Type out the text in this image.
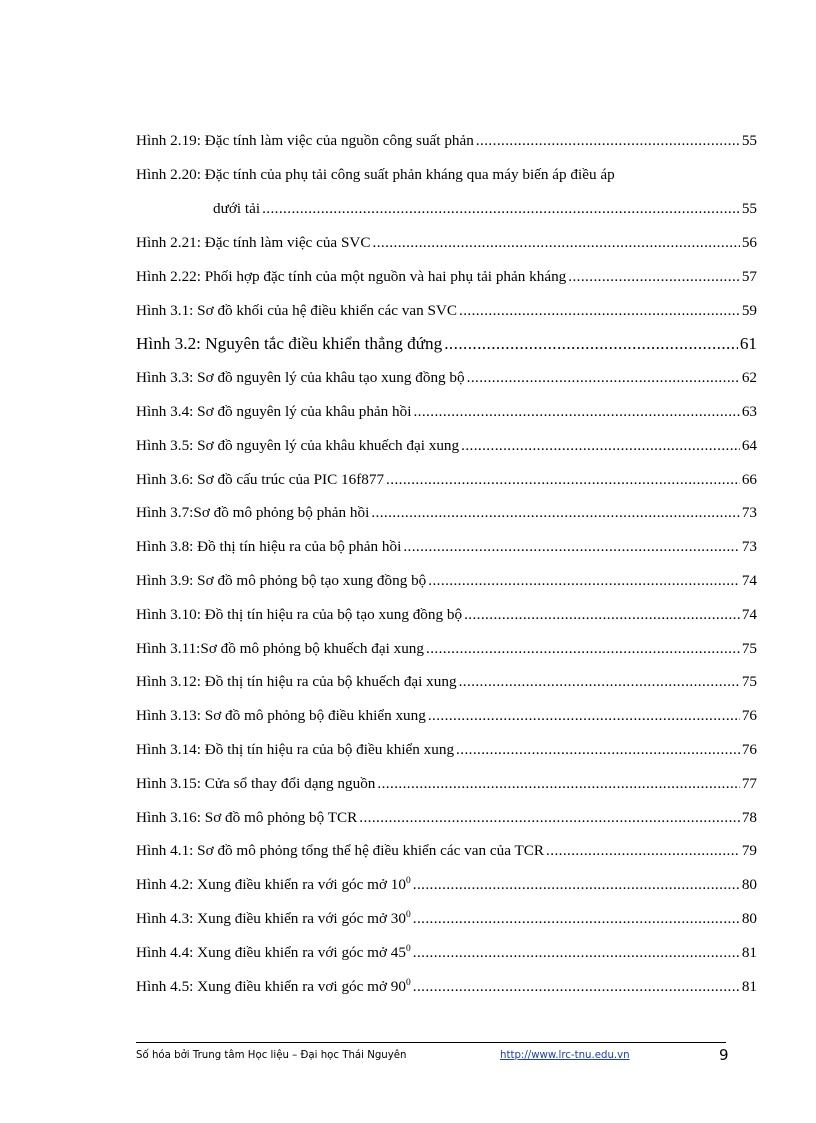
Hình 2.19: Đặc tính làm việc của nguồn công suất phản .....	55
Hình 2.20: Đặc tính của phụ tải công suất phản kháng qua máy biến áp điều áp
dưới tải .....	55
Hình 2.21: Đặc tính làm việc của SVC .....	56
Hình 2.22: Phối hợp đặc tính của một nguồn và hai phụ tải phản kháng .....	57
Hình 3.1: Sơ đồ khối của hệ điều khiển các van SVC .....	59
Hình 3.2: Nguyên tắc điều khiển thẳng đứng .....	61
Hình 3.3: Sơ đồ nguyên lý của khâu tạo xung đồng bộ .....	62
Hình 3.4: Sơ đồ nguyên lý của khâu phản hồi .....	63
Hình 3.5: Sơ đồ nguyên lý của khâu khuếch đại xung .....	64
Hình 3.6: Sơ đồ cấu trúc của PIC 16f877 .....	66
Hình 3.7:Sơ đồ mô phỏng bộ phản hồi .....	73
Hình 3.8: Đồ thị tín hiệu ra của bộ phản hồi .....	73
Hình 3.9: Sơ đồ mô phỏng bộ tạo xung đồng bộ .....	74
Hình 3.10: Đồ thị tín hiệu ra của bộ tạo xung đồng bộ .....	74
Hình 3.11:Sơ đồ mô phỏng bộ khuếch đại xung .....	75
Hình 3.12: Đồ thị tín hiệu ra của bộ khuếch đại xung .....	75
Hình 3.13: Sơ đồ mô phỏng bộ điều khiển xung .....	76
Hình 3.14: Đồ thị tín hiệu ra của bộ điều khiển xung .....	76
Hình 3.15: Cửa sổ thay đổi dạng nguồn .....	77
Hình 3.16: Sơ đồ mô phỏng bộ TCR .....	78
Hình 4.1: Sơ đồ mô phỏng tổng thể hệ điều khiển các van của TCR .....	79
Hình 4.2: Xung điều khiển ra với góc mở $10^0$ .....	80
Hình 4.3: Xung điều khiển ra với góc mở $30^0$ .....	80
Hình 4.4: Xung điều khiển ra với góc mở $45^0$ .....	81
Hình 4.5: Xung điều khiển ra vơi góc mở $90^0$ .....	81
Số hóa bởi Trung tâm Học liệu – Đại học Thái Nguyên	http://www.lrc-tnu.edu.vn	9
